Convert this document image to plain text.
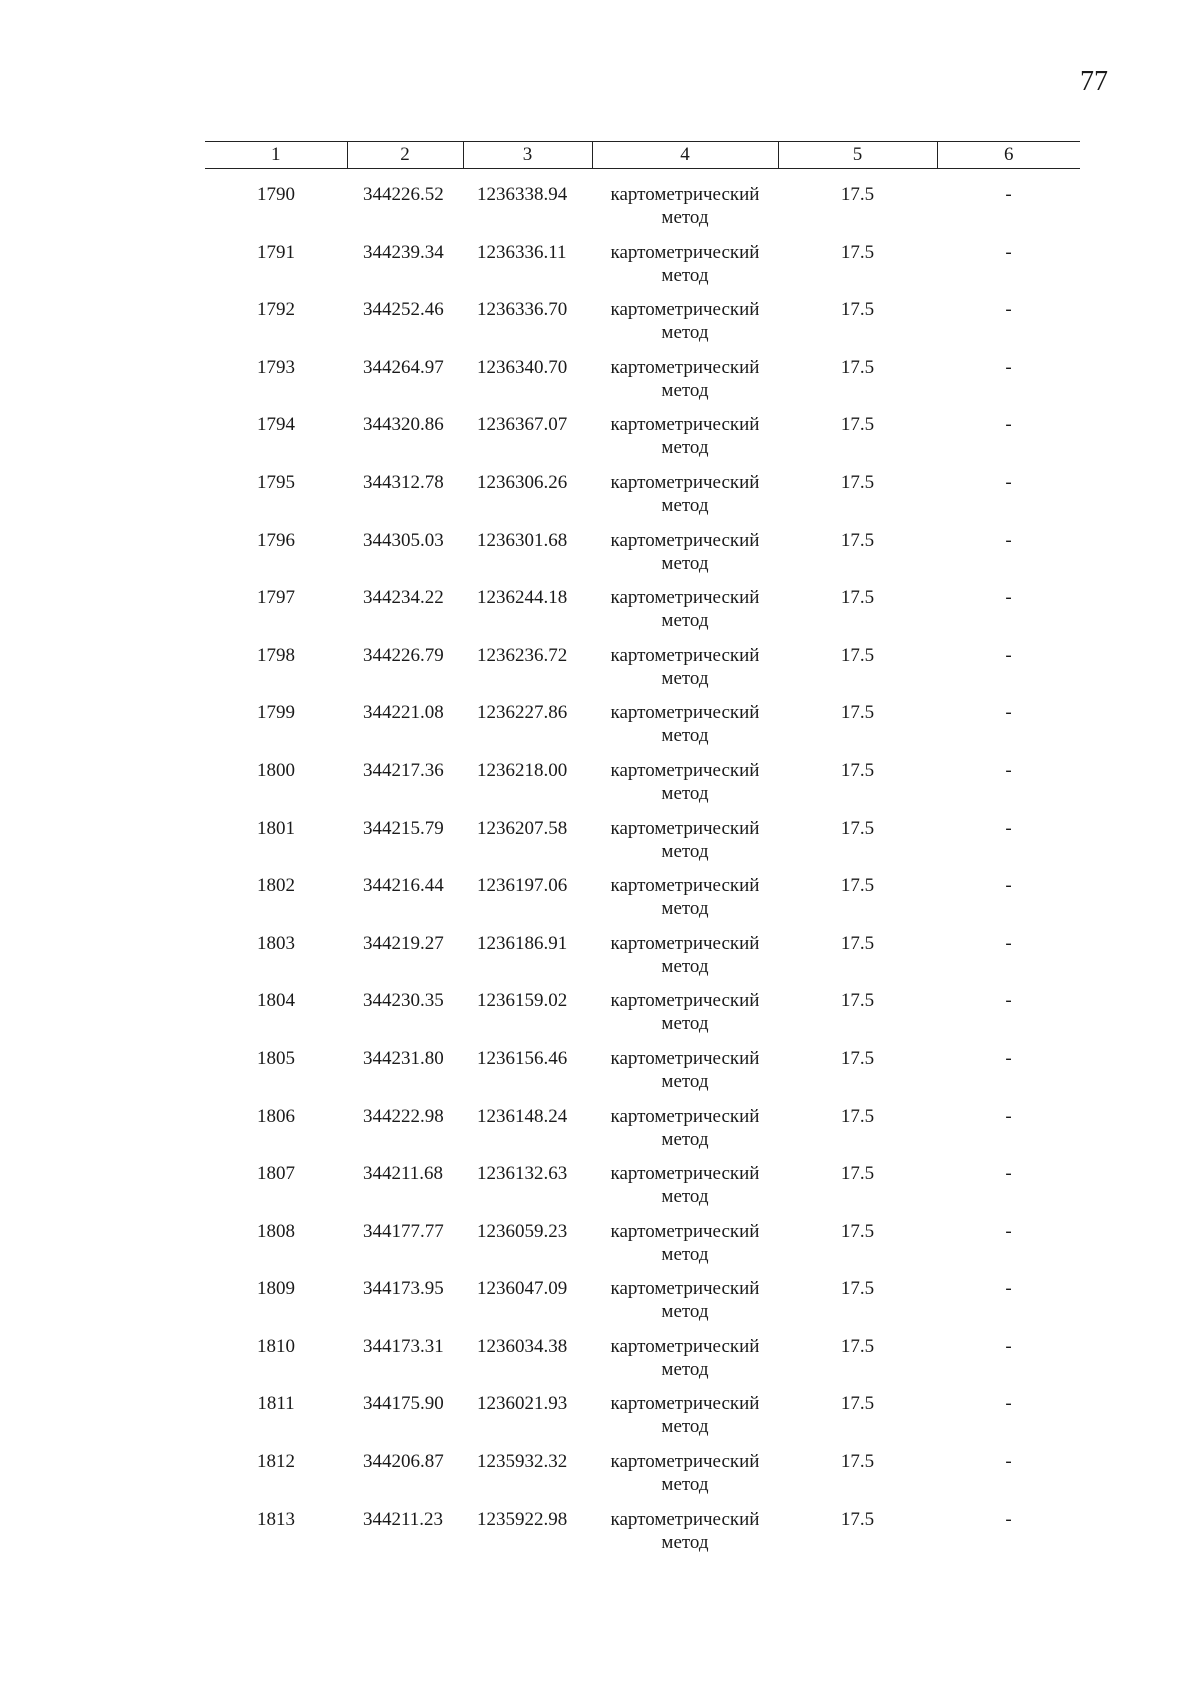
77
1	2	3	4	5	6
1790	344226.52	1236338.94	картометрический
метод	17.5	-
1791	344239.34	1236336.11	картометрический
метод	17.5	-
1792	344252.46	1236336.70	картометрический
метод	17.5	-
1793	344264.97	1236340.70	картометрический
метод	17.5	-
1794	344320.86	1236367.07	картометрический
метод	17.5	-
1795	344312.78	1236306.26	картометрический
метод	17.5	-
1796	344305.03	1236301.68	картометрический
метод	17.5	-
1797	344234.22	1236244.18	картометрический
метод	17.5	-
1798	344226.79	1236236.72	картометрический
метод	17.5	-
1799	344221.08	1236227.86	картометрический
метод	17.5	-
1800	344217.36	1236218.00	картометрический
метод	17.5	-
1801	344215.79	1236207.58	картометрический
метод	17.5	-
1802	344216.44	1236197.06	картометрический
метод	17.5	-
1803	344219.27	1236186.91	картометрический
метод	17.5	-
1804	344230.35	1236159.02	картометрический
метод	17.5	-
1805	344231.80	1236156.46	картометрический
метод	17.5	-
1806	344222.98	1236148.24	картометрический
метод	17.5	-
1807	344211.68	1236132.63	картометрический
метод	17.5	-
1808	344177.77	1236059.23	картометрический
метод	17.5	-
1809	344173.95	1236047.09	картометрический
метод	17.5	-
1810	344173.31	1236034.38	картометрический
метод	17.5	-
1811	344175.90	1236021.93	картометрический
метод	17.5	-
1812	344206.87	1235932.32	картометрический
метод	17.5	-
1813	344211.23	1235922.98	картометрический
метод	17.5	-
